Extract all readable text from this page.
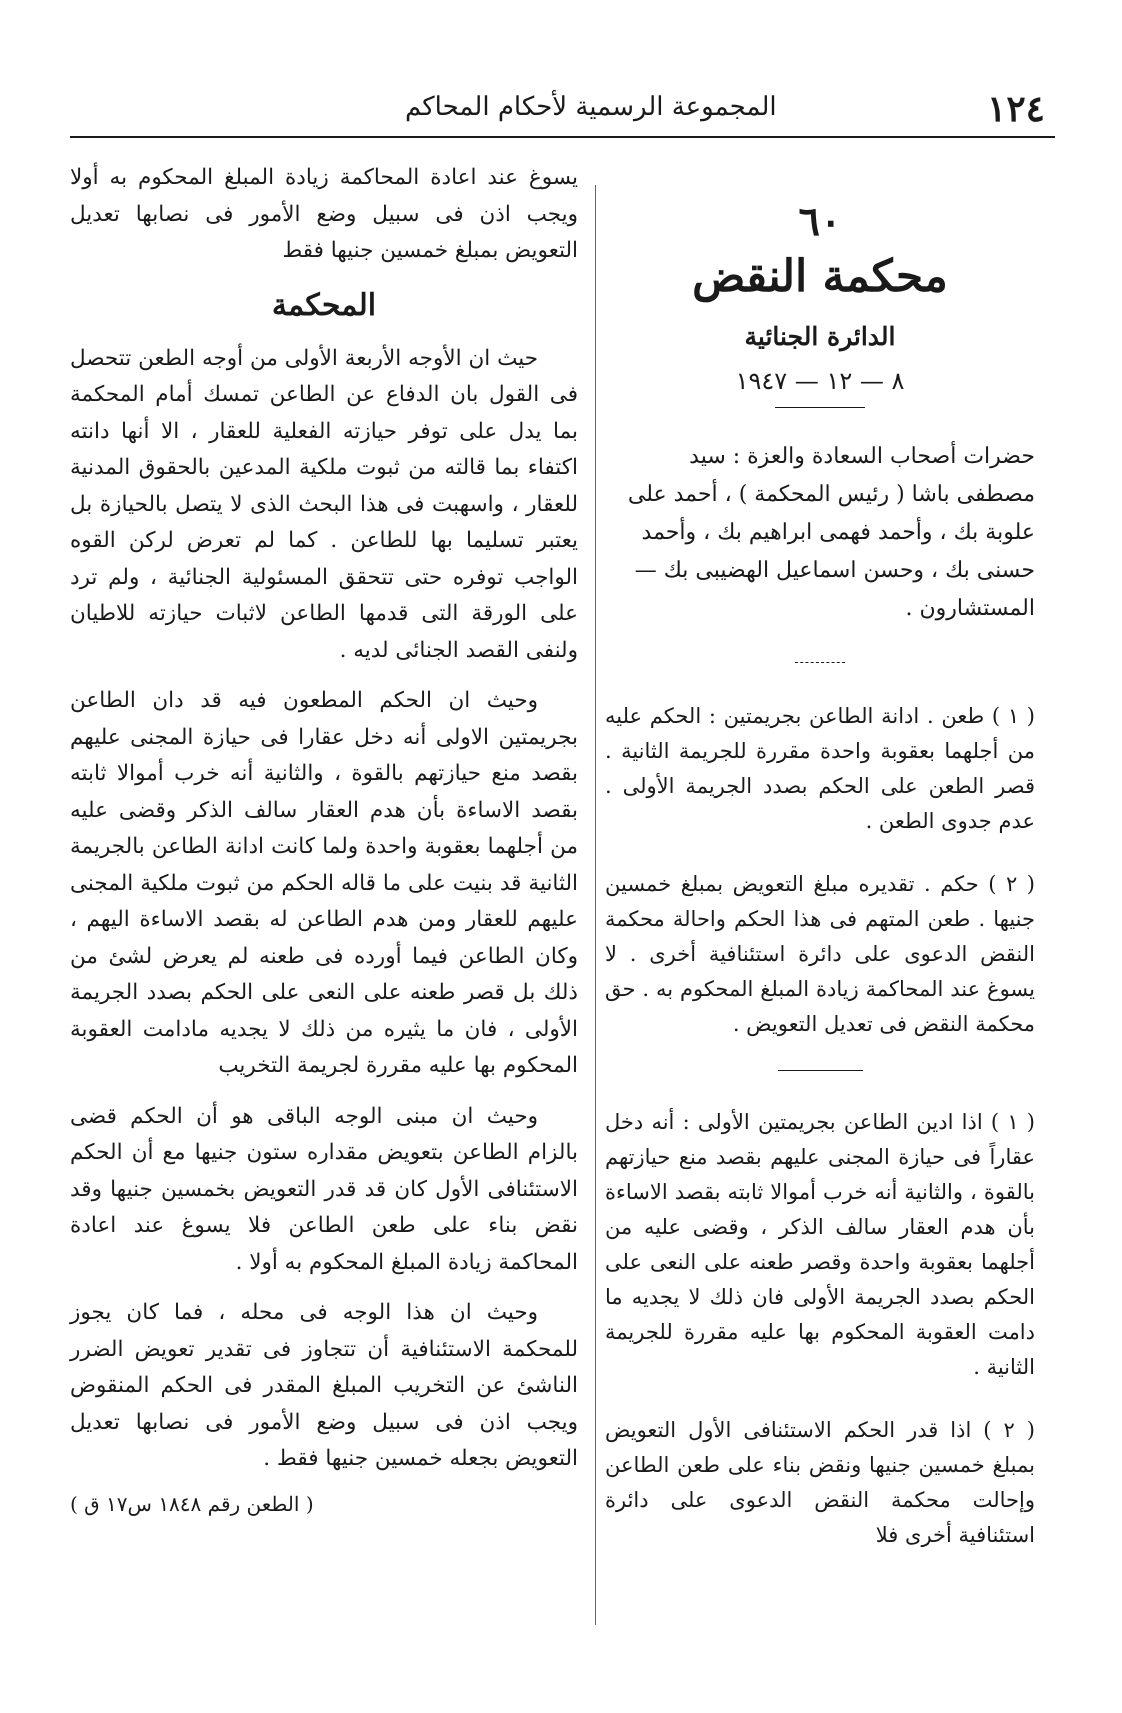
١٢٤
المجموعة الرسمية لأحكام المحاكم
٦٠
محكمة النقض
الدائرة الجنائية
٨ — ١٢ — ١٩٤٧
حضرات أصحاب السعادة والعزة : سيد مصطفى باشا ( رئيس المحكمة ) ، أحمد على علوبة بك ، وأحمد فهمى ابراهيم بك ، وأحمد حسنى بك ، وحسن اسماعيل الهضيبى بك — المستشارون .
( ١ ) طعن . ادانة الطاعن بجريمتين : الحكم عليه من أجلهما بعقوبة واحدة مقررة للجريمة الثانية . قصر الطعن على الحكم بصدد الجريمة الأولى . عدم جدوى الطعن .
( ٢ ) حكم . تقديره مبلغ التعويض بمبلغ خمسين جنيها . طعن المتهم فى هذا الحكم واحالة محكمة النقض الدعوى على دائرة استئنافية أخرى . لا يسوغ عند المحاكمة زيادة المبلغ المحكوم به . حق محكمة النقض فى تعديل التعويض .
( ١ ) اذا ادين الطاعن بجريمتين الأولى : أنه دخل عقاراً فى حيازة المجنى عليهم بقصد منع حيازتهم بالقوة ، والثانية أنه خرب أموالا ثابته بقصد الاساءة بأن هدم العقار سالف الذكر ، وقضى عليه من أجلهما بعقوبة واحدة وقصر طعنه على النعى على الحكم بصدد الجريمة الأولى فان ذلك لا يجديه ما دامت العقوبة المحكوم بها عليه مقررة للجريمة الثانية .
( ٢ ) اذا قدر الحكم الاستئنافى الأول التعويض بمبلغ خمسين جنيها ونقض بناء على طعن الطاعن وإحالت محكمة النقض الدعوى على دائرة استئنافية أخرى فلا
يسوغ عند اعادة المحاكمة زيادة المبلغ المحكوم به أولا ويجب اذن فى سبيل وضع الأمور فى نصابها تعديل التعويض بمبلغ خمسين جنيها فقط
المحكمة

حيث ان الأوجه الأربعة الأولى من أوجه الطعن تتحصل فى القول بان الدفاع عن الطاعن تمسك أمام المحكمة بما يدل على توفر حيازته الفعلية للعقار ، الا أنها دانته اكتفاء بما قالته من ثبوت ملكية المدعين بالحقوق المدنية للعقار ، واسهبت فى هذا البحث الذى لا يتصل بالحيازة بل يعتبر تسليما بها للطاعن . كما لم تعرض لركن القوه الواجب توفره حتى تتحقق المسئولية الجنائية ، ولم ترد على الورقة التى قدمها الطاعن لاثبات حيازته للاطيان ولنفى القصد الجنائى لديه .

وحيث ان الحكم المطعون فيه قد دان الطاعن بجريمتين الاولى أنه دخل عقارا فى حيازة المجنى عليهم بقصد منع حيازتهم بالقوة ، والثانية أنه خرب أموالا ثابته بقصد الاساءة بأن هدم العقار سالف الذكر وقضى عليه من أجلهما بعقوبة واحدة ولما كانت ادانة الطاعن بالجريمة الثانية قد بنيت على ما قاله الحكم من ثبوت ملكية المجنى عليهم للعقار ومن هدم الطاعن له بقصد الاساءة اليهم ، وكان الطاعن فيما أورده فى طعنه لم يعرض لشئ من ذلك بل قصر طعنه على النعى على الحكم بصدد الجريمة الأولى ، فان ما يثيره من ذلك لا يجديه مادامت العقوبة المحكوم بها عليه مقررة لجريمة التخريب

وحيث ان مبنى الوجه الباقى هو أن الحكم قضى بالزام الطاعن بتعويض مقداره ستون جنيها مع أن الحكم الاستئنافى الأول كان قد قدر التعويض بخمسين جنيها وقد نقض بناء على طعن الطاعن فلا يسوغ عند اعادة المحاكمة زيادة المبلغ المحكوم به أولا .

وحيث ان هذا الوجه فى محله ، فما كان يجوز للمحكمة الاستئنافية أن تتجاوز فى تقدير تعويض الضرر الناشئ عن التخريب المبلغ المقدر فى الحكم المنقوض ويجب اذن فى سبيل وضع الأمور فى نصابها تعديل التعويض بجعله خمسين جنيها فقط .

( الطعن رقم ١٨٤٨ س١٧ ق )
